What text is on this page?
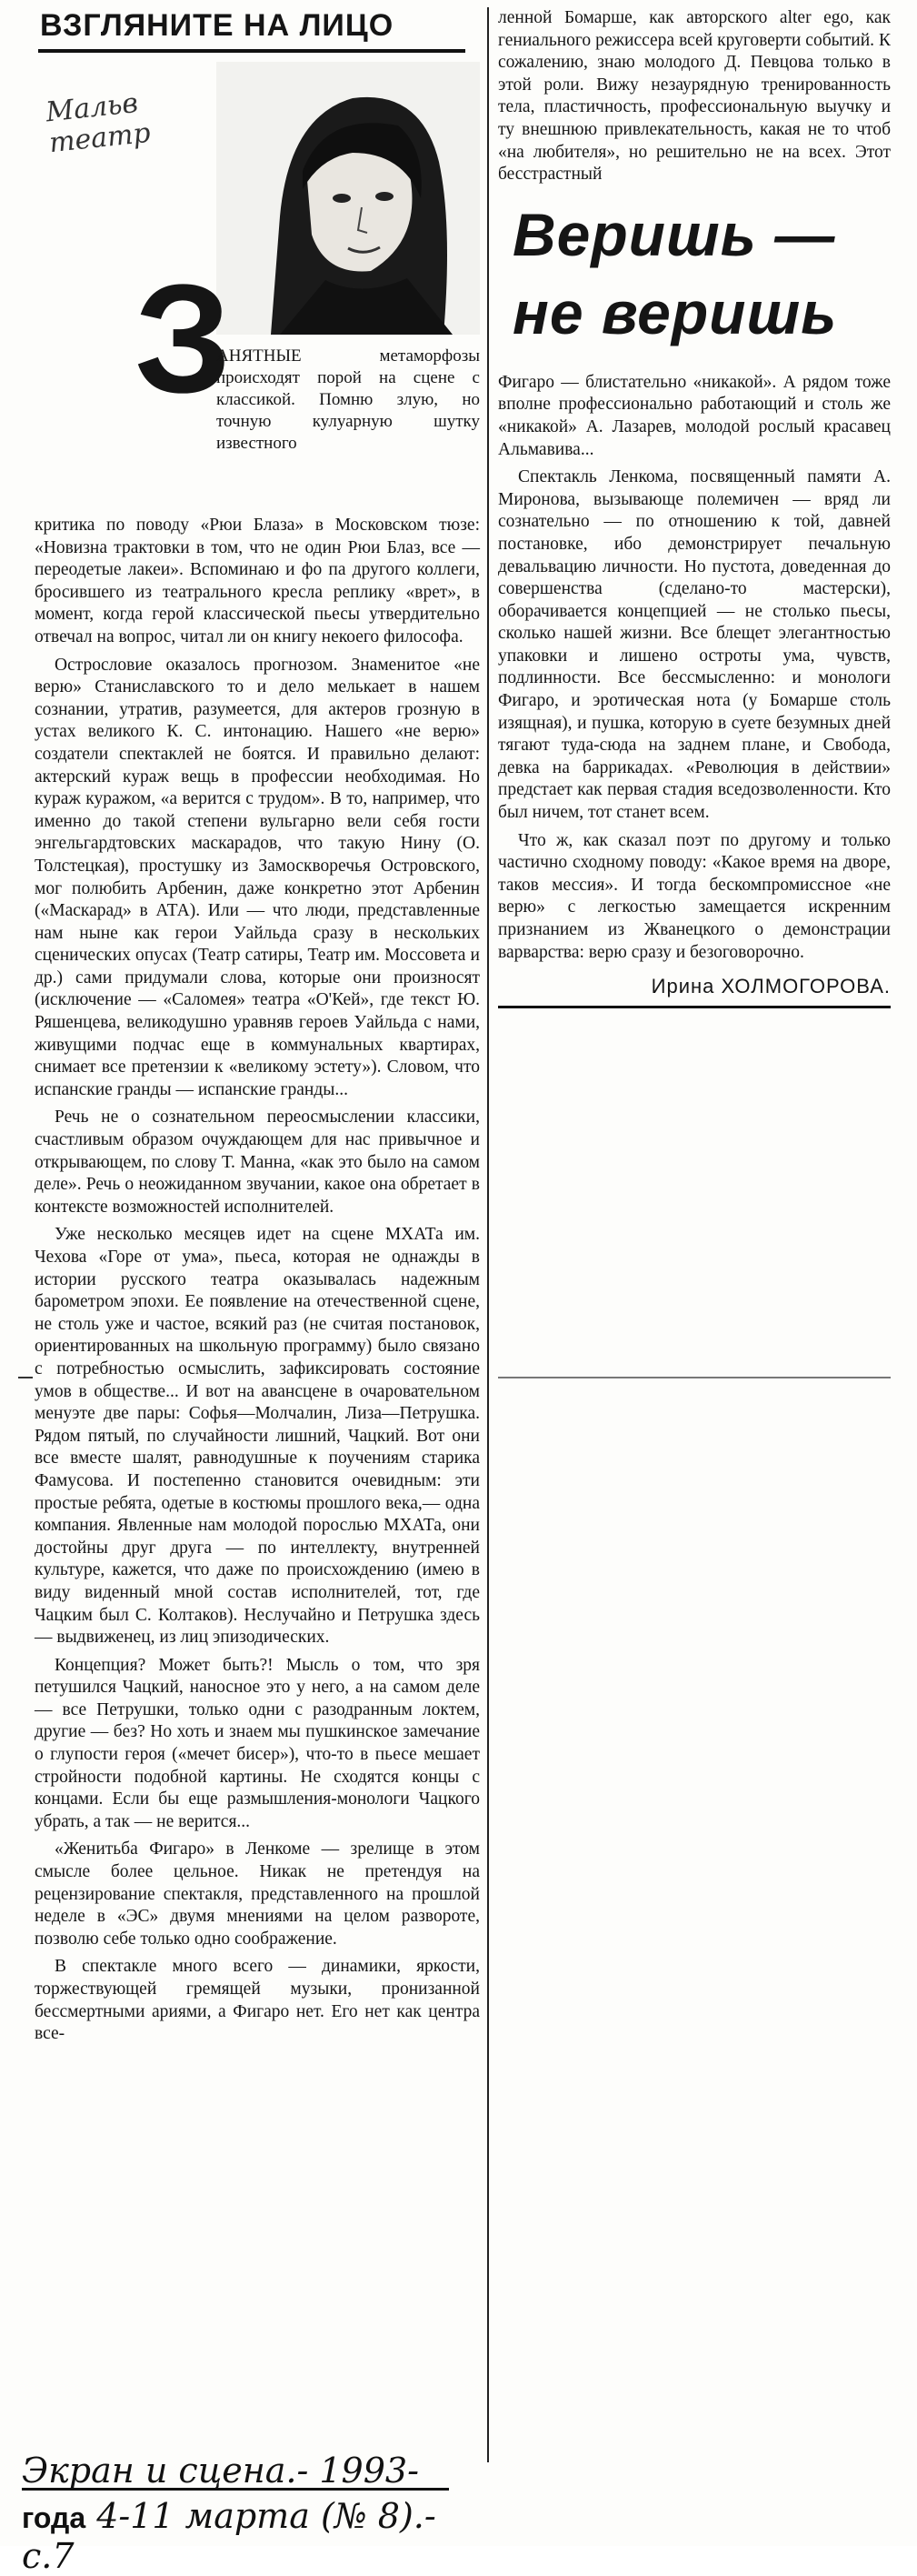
ВЗГЛЯНИТЕ НА ЛИЦО
Мальв театр
З
АНЯТНЫЕ метаморфозы происходят порой на сцене с классикой. Помню злую, но точную кулуарную шутку известного

критика по поводу «Рюи Блаза» в Московском тюзе: «Новизна трактовки в том, что не один Рюи Блаз, все — переодетые лакеи». Вспоминаю и фо па другого коллеги, бросившего из театрального кресла реплику «врет», в момент, когда герой классической пьесы утвердительно отвечал на вопрос, читал ли он книгу некоего философа.

Остроcловие оказалось прогнозом. Знаменитое «не верю» Станиславского то и дело мелькает в нашем сознании, утратив, разумеется, для актеров грозную в устах великого К. С. интонацию. Нашего «не верю» создатели спектаклей не боятся. И правильно делают: актерский кураж вещь в профессии необходимая. Но кураж куражом, «а верится с трудом». В то, например, что именно до такой степени вульгарно вели себя гости энгельгардтовских маскарадов, что такую Нину (О. Толстецкая), простушку из Замоскворечья Островского, мог полюбить Арбенин, даже конкретно этот Арбенин («Маскарад» в АТА). Или — что люди, представленные нам ныне как герои Уайльда сразу в нескольких сценических опусах (Театр сатиры, Театр им. Моссовета и др.) сами придумали слова, которые они произносят (исключение — «Саломея» театра «О'Кей», где текст Ю. Ряшенцева, великодушно уравняв героев Уайльда с нами, живущими подчас еще в коммунальных квартирах, снимает все претензии к «великому эстету»). Словом, что испанские гранды — испанские гранды...

Речь не о сознательном переосмыслении классики, счастливым образом очуждающем для нас привычное и открывающем, по слову Т. Манна, «как это было на самом деле». Речь о неожиданном звучании, какое она обретает в контексте возможностей исполнителей.

Уже несколько месяцев идет на сцене МХАТа им. Чехова «Горе от ума», пьеса, которая не однажды в истории русского театра оказывалась надежным барометром эпохи. Ее появление на отечественной сцене, не столь уже и частое, всякий раз (не считая постановок, ориентированных на школьную программу) было связано с потребностью осмыслить, зафиксировать состояние умов в обществе... И вот на авансцене в очаровательном менуэте две пары: Софья—Молчалин, Лиза—Петрушка. Рядом пятый, по случайности лишний, Чацкий. Вот они все вместе шалят, равнодушные к поучениям старика Фамусова. И постепенно становится очевидным: эти простые ребята, одетые в костюмы прошлого века,— одна компания. Явленные нам молодой порослью МХАТа, они достойны друг друга — по интеллекту, внутренней культуре, кажется, что даже по происхождению (имею в виду виденный мной состав исполнителей, тот, где Чацким был С. Колтаков). Неслучайно и Петрушка здесь — выдвиженец, из лиц эпизодических.

Концепция? Может быть?! Мысль о том, что зря петушился Чацкий, наносное это у него, а на самом деле — все Петрушки, только одни с разодранным локтем, другие — без? Но хоть и знаем мы пушкинское замечание о глупости героя («мечет бисер»), что-то в пьесе мешает стройности подобной картины. Не сходятся концы с концами. Если бы еще размышления-монологи Чацкого убрать, а так — не верится...

«Женитьба Фигаро» в Ленкоме — зрелище в этом смысле более цельное. Никак не претендуя на рецензирование спектакля, представленного на прошлой неделе в «ЭС» двумя мнениями на целом развороте, позволю себе только одно соображение.

В спектакле много всего — динамики, яркости, торжествующей гремящей музыки, пронизанной бессмертными ариями, а Фигаро нет. Его нет как центра все-

ленной Бомарше, как авторского alter ego, как гениального режиссера всей круговерти событий. К сожалению, знаю молодого Д. Певцова только в этой роли. Вижу незаурядную тренированность тела, пластичность, профессиональную выучку и ту внешнюю привлекательность, какая не то чтоб «на любителя», но решительно не на всех. Этот бесстрастный

Веришь —
не веришь

Фигаро — блистательно «никакой». А рядом тоже вполне профессионально работающий и столь же «никакой» А. Лазарев, молодой рослый красавец Альмавива...

Спектакль Ленкома, посвященный памяти А. Миронова, вызывающе полемичен — вряд ли сознательно — по отношению к той, давней постановке, ибо демонстрирует печальную девальвацию личности. Но пустота, доведенная до совершенства (сделано-то мастерски), оборачивается концепцией — не столько пьесы, сколько нашей жизни. Все блещет элегантностью упаковки и лишено остроты ума, чувств, подлинности. Все бессмысленно: и монологи Фигаро, и эротическая нота (у Бомарше столь изящная), и пушка, которую в суете безумных дней тягают туда-сюда на заднем плане, и Свобода, девка на баррикадах. «Революция в действии» предстает как первая стадия вседозволенности. Кто был ничем, тот станет всем.

Что ж, как сказал поэт по другому и только частично сходному поводу: «Какое время на дворе, таков мессия». И тогда бескомпромиссное «не верю» с легкостью замещается искренним признанием из Жванецкого о демонстрации варварства: верю сразу и безоговорочно.

Ирина ХОЛМОГОРОВА.
Экран и сцена.- 1993-
года 4-11 марта (№ 8).- с.7
